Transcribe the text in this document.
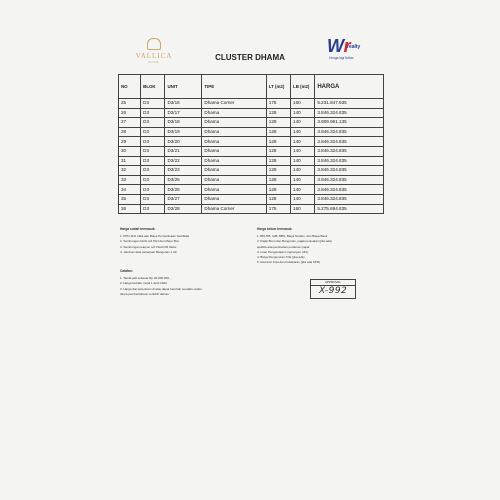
VALLICA
RISE	CLUSTER DHAMA
Wr
realty
Hunga lagi Ikhlas
NO	BLOK	UNIT	TIPE	LT (m2)	LB (m2)	HARGA
25	D3	D3/16	Dhama Corner	175	160	5.231.847.935
26	D3	D3/17	Dhama	128	140	3.846.324.835
27	D3	D3/18	Dhama	128	140	3.909.961.135
28	D3	D3/19	Dhama	128	140	3.846.324.835
29	D3	D3/20	Dhama	128	140	3.846.324.835
30	D3	D3/21	Dhama	128	140	3.846.324.835
31	D3	D3/22	Dhama	128	140	3.846.324.835
32	D3	D3/23	Dhama	128	140	3.846.324.835
33	D3	D3/25	Dhama	128	140	3.846.324.835
34	D3	D3/26	Dhama	128	140	3.846.324.835
35	D3	D3/27	Dhama	128	140	3.846.324.835
36	D3	D3/28	Dhama Corner	175	160	5.275.694.835
Harga sudah termasuk:
1. PPN 11% (Jika dan Biaya Pemeriksaan Sertifikat)
2. Sambungan listrik s/d PLN dan Meter Box
3. Sambungan telepon s/d TELKOM Meter
4. Jaminan atas pekerjaan Bangunan 1 thn
Catatan:
1. Tanda jadi sebesar Rp 20.000.000,-
2. Harga berlaku mulai 1 April 2022
3. Harga dan ketentuan di atas dapat berubah sewaktu-waktu
tanpa pemberitahuan terlebih dahulu
Harga belum termasuk:
1. BPHTB, AJB, BBN, Biaya Notaris, dan Biaya Bank
2. Pajak Bumi dan Bangunan, pajak penjualan (jika ada)
apabila ada perubahan peraturan pajak
3. Iuran Pengelolaan Lingkungan (IPL)
4. Biaya Pengecoran AYE (jika ada)
5. Asuransi Jiwa dan Kebakaran (jika ada KPR)
APPROVAL
X-992
